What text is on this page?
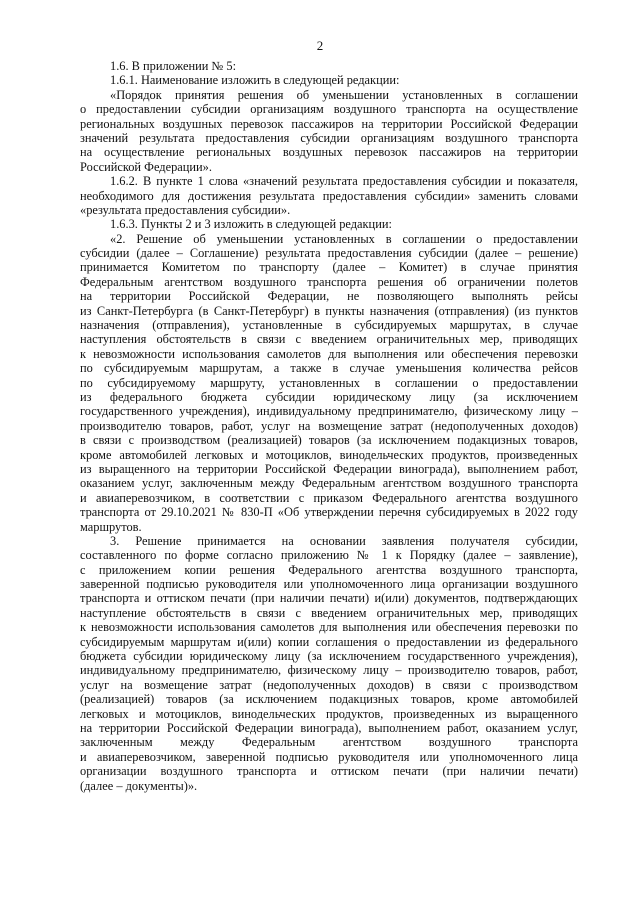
2
1.6. В приложении № 5:
1.6.1. Наименование изложить в следующей редакции:
«Порядок принятия решения об уменьшении установленных в соглашении
о предоставлении субсидии организациям воздушного транспорта на осуществление
региональных воздушных перевозок пассажиров на территории Российской Федерации
значений результата предоставления субсидии организациям воздушного транспорта
на осуществление региональных воздушных перевозок пассажиров на территории
Российской Федерации».
1.6.2. В пункте 1 слова «значений результата предоставления субсидии и показателя,
необходимого для достижения результата предоставления субсидии» заменить словами
«результата предоставления субсидии».
1.6.3. Пункты 2 и 3 изложить в следующей редакции:
«2. Решение об уменьшении установленных в соглашении о предоставлении
субсидии (далее – Соглашение) результата предоставления субсидии (далее – решение)
принимается Комитетом по транспорту (далее – Комитет) в случае принятия
Федеральным агентством воздушного транспорта решения об ограничении полетов
на территории Российской Федерации, не позволяющего выполнять рейсы
из Санкт-Петербурга (в Санкт-Петербург) в пункты назначения (отправления) (из пунктов
назначения (отправления), установленные в субсидируемых маршрутах, в случае
наступления обстоятельств в связи с введением ограничительных мер, приводящих
к невозможности использования самолетов для выполнения или обеспечения перевозки
по субсидируемым маршрутам, а также в случае уменьшения количества рейсов
по субсидируемому маршруту, установленных в соглашении о предоставлении
из федерального бюджета субсидии юридическому лицу (за исключением
государственного учреждения), индивидуальному предпринимателю, физическому лицу –
производителю товаров, работ, услуг на возмещение затрат (недополученных доходов)
в связи с производством (реализацией) товаров (за исключением подакцизных товаров,
кроме автомобилей легковых и мотоциклов, винодельческих продуктов, произведенных
из выращенного на территории Российской Федерации винограда), выполнением работ,
оказанием услуг, заключенным между Федеральным агентством воздушного транспорта
и авиаперевозчиком, в соответствии с приказом Федерального агентства воздушного
транспорта от 29.10.2021 № 830-П «Об утверждении перечня субсидируемых в 2022 году
маршрутов.
3. Решение принимается на основании заявления получателя субсидии,
составленного по форме согласно приложению № 1 к Порядку (далее – заявление),
с приложением копии решения Федерального агентства воздушного транспорта,
заверенной подписью руководителя или уполномоченного лица организации воздушного
транспорта и оттиском печати (при наличии печати) и(или) документов, подтверждающих
наступление обстоятельств в связи с введением ограничительных мер, приводящих
к невозможности использования самолетов для выполнения или обеспечения перевозки по
субсидируемым маршрутам и(или) копии соглашения о предоставлении из федерального
бюджета субсидии юридическому лицу (за исключением государственного учреждения),
индивидуальному предпринимателю, физическому лицу – производителю товаров, работ,
услуг на возмещение затрат (недополученных доходов) в связи с производством
(реализацией) товаров (за исключением подакцизных товаров, кроме автомобилей
легковых и мотоциклов, винодельческих продуктов, произведенных из выращенного
на территории Российской Федерации винограда), выполнением работ, оказанием услуг,
заключенным между Федеральным агентством воздушного транспорта
и авиаперевозчиком, заверенной подписью руководителя или уполномоченного лица
организации воздушного транспорта и оттиском печати (при наличии печати)
(далее – документы)».
